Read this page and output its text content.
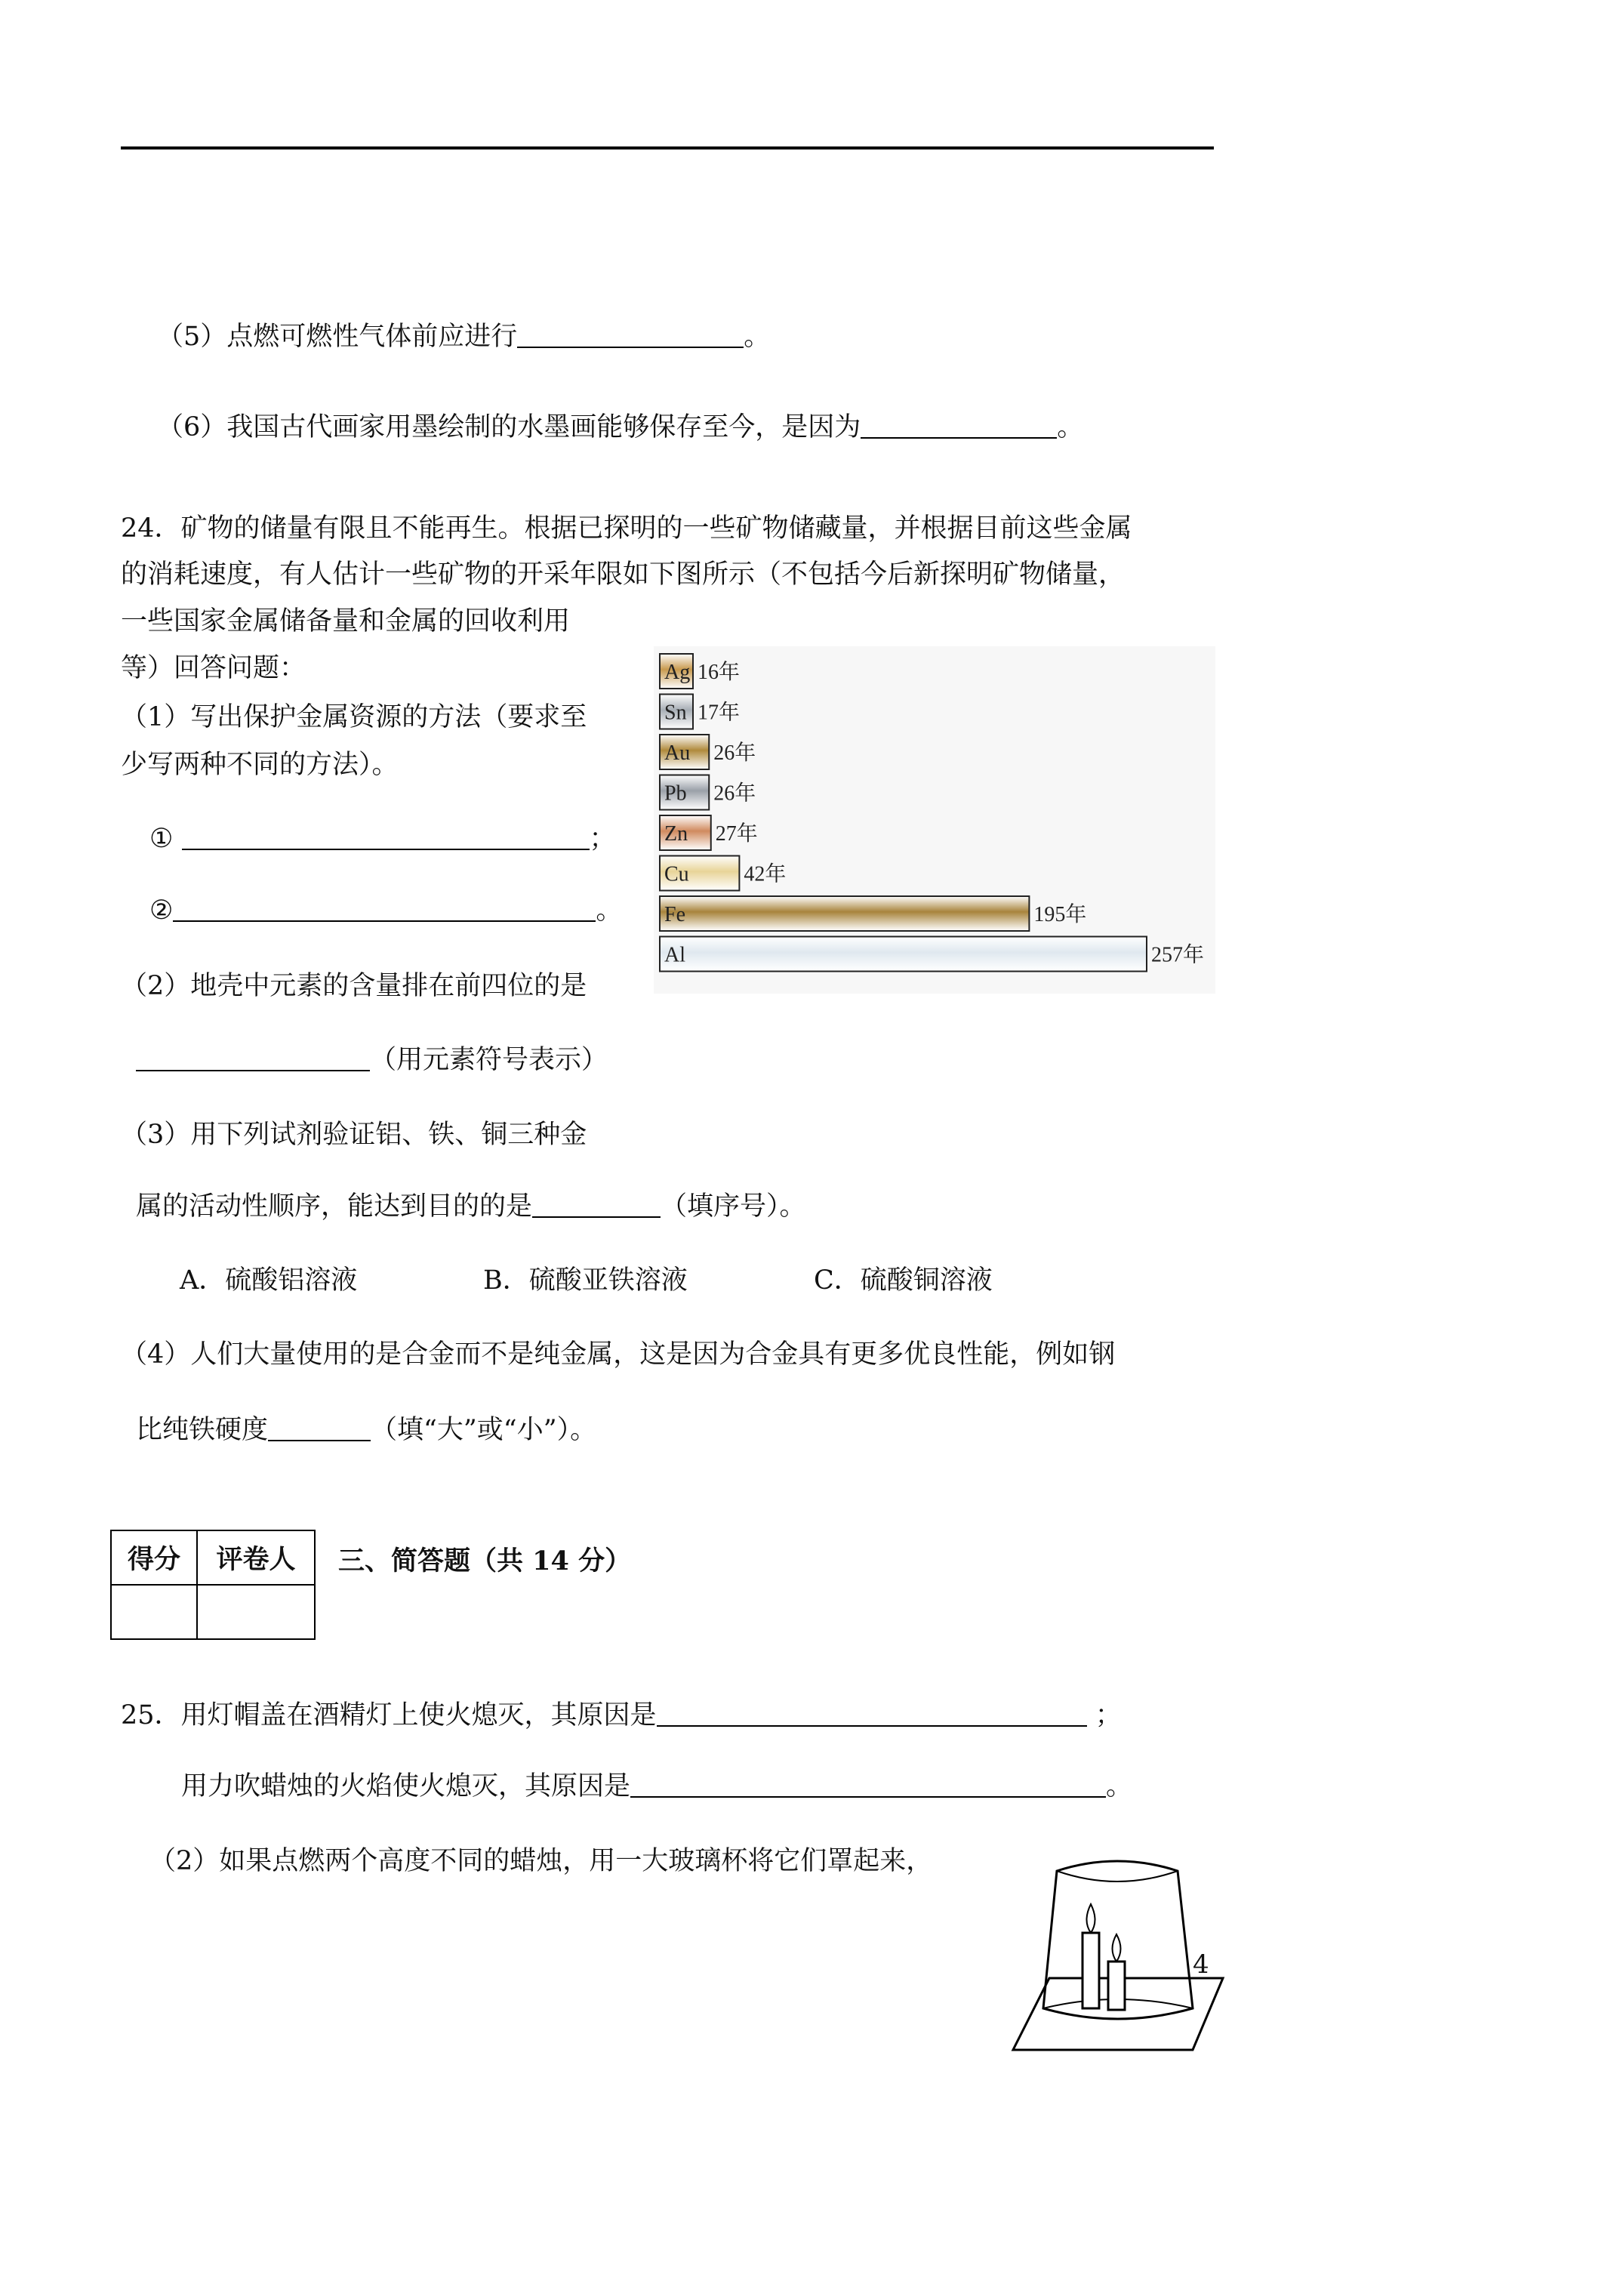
（5）点燃可燃性气体前应进行	。
（6）我国古代画家用墨绘制的水墨画能够保存至今，是因为	。
24．矿物的储量有限且不能再生。根据已探明的一些矿物储藏量，并根据目前这些金属
的消耗速度，有人估计一些矿物的开采年限如下图所示（不包括今后新探明矿物储量，
一些国家金属储备量和金属的回收利用
等）回答问题：
（1）写出保护金属资源的方法（要求至
少写两种不同的方法）。
①	；
②	。
（2）地壳中元素的含量排在前四位的是
（用元素符号表示）
（3）用下列试剂验证铝、铁、铜三种金
属的活动性顺序，能达到目的的是	（填序号）。
A．硫酸铝溶液	B．硫酸亚铁溶液	C．硫酸铜溶液
（4）人们大量使用的是合金而不是纯金属，这是因为合金具有更多优良性能，例如钢
比纯铁硬度	（填“大”或“小”）。
Ag 16年
Sn 17年
Au 26年
Pb 26年
Zn 27年
Cu	42年
Fe	195年
Al	257年
得分	评卷人
	三、简答题（共 14 分）
25．用灯帽盖在酒精灯上使火熄灭，其原因是	；
用力吹蜡烛的火焰使火熄灭，其原因是	。
（2）如果点燃两个高度不同的蜡烛，用一大玻璃杯将它们罩起来，
4
